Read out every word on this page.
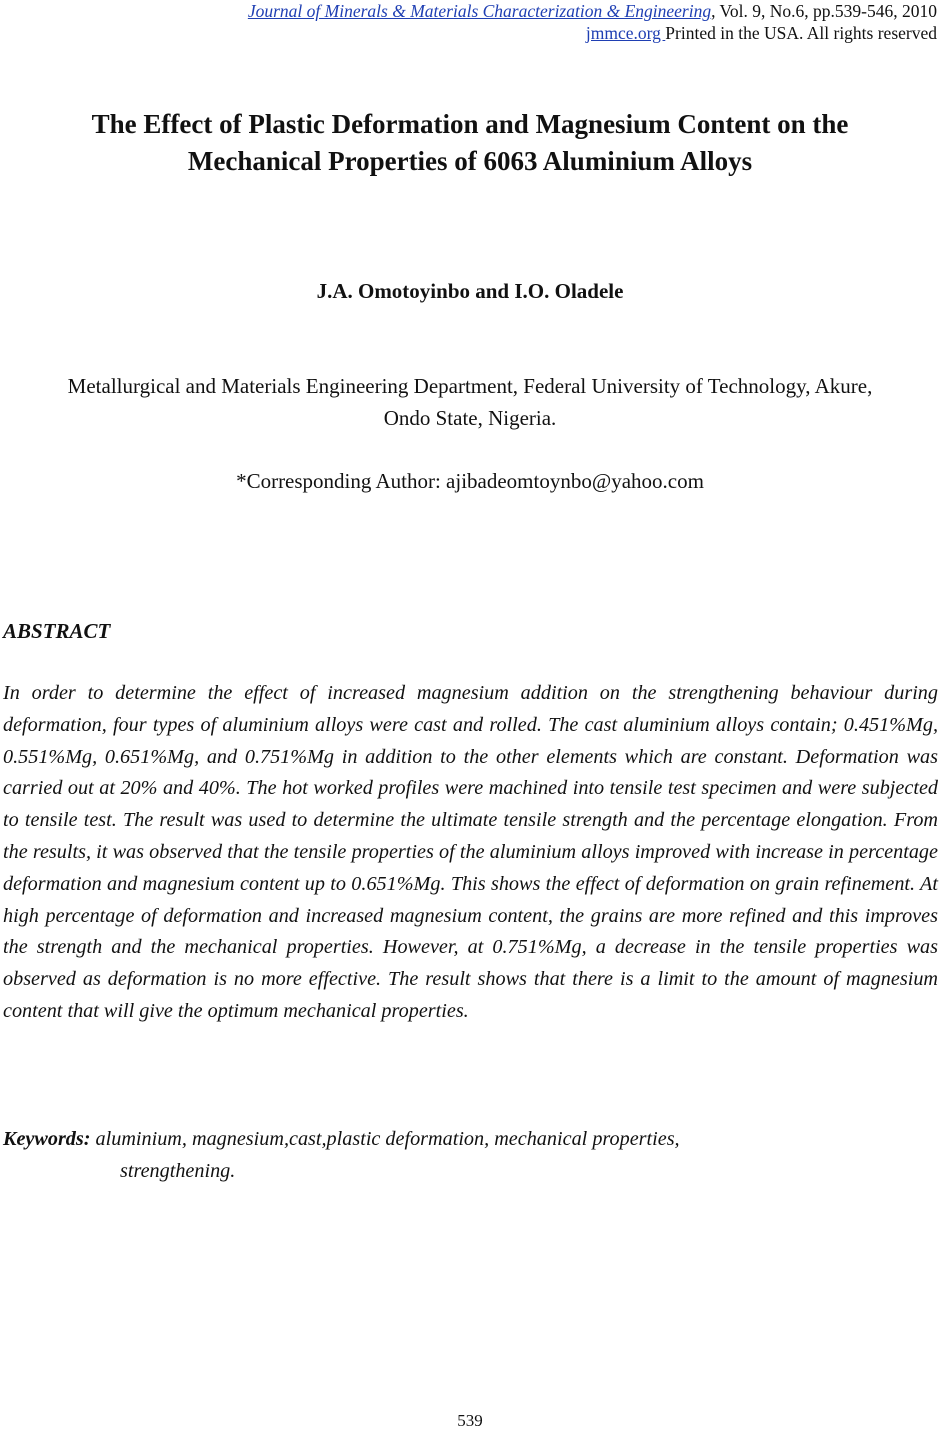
Journal of Minerals & Materials Characterization & Engineering, Vol. 9, No.6, pp.539-546, 2010
jmmce.org Printed in the USA. All rights reserved
The Effect of Plastic Deformation and Magnesium Content on the
Mechanical Properties of 6063 Aluminium Alloys
J.A. Omotoyinbo and I.O. Oladele
Metallurgical and Materials Engineering Department, Federal University of Technology, Akure,
Ondo State, Nigeria.
*Corresponding Author: ajibadeomtoynbo@yahoo.com
ABSTRACT
In order to determine the effect of increased magnesium addition on the strengthening behaviour during deformation, four types of aluminium alloys were cast and rolled. The cast aluminium alloys contain; 0.451%Mg, 0.551%Mg, 0.651%Mg, and 0.751%Mg in addition to the other elements which are constant. Deformation was carried out at 20% and 40%. The hot worked profiles were machined into tensile test specimen and were subjected to tensile test. The result was used to determine the ultimate tensile strength and the percentage elongation. From the results, it was observed that the tensile properties of the aluminium alloys improved with increase in percentage deformation and magnesium content up to 0.651%Mg. This shows the effect of deformation on grain refinement. At high percentage of deformation and increased magnesium content, the grains are more refined and this improves the strength and the mechanical properties. However, at 0.751%Mg, a decrease in the tensile properties was observed as deformation is no more effective. The result shows that there is a limit to the amount of magnesium content that will give the optimum mechanical properties.
Keywords: aluminium, magnesium,cast,plastic deformation, mechanical properties,
strengthening.
539
